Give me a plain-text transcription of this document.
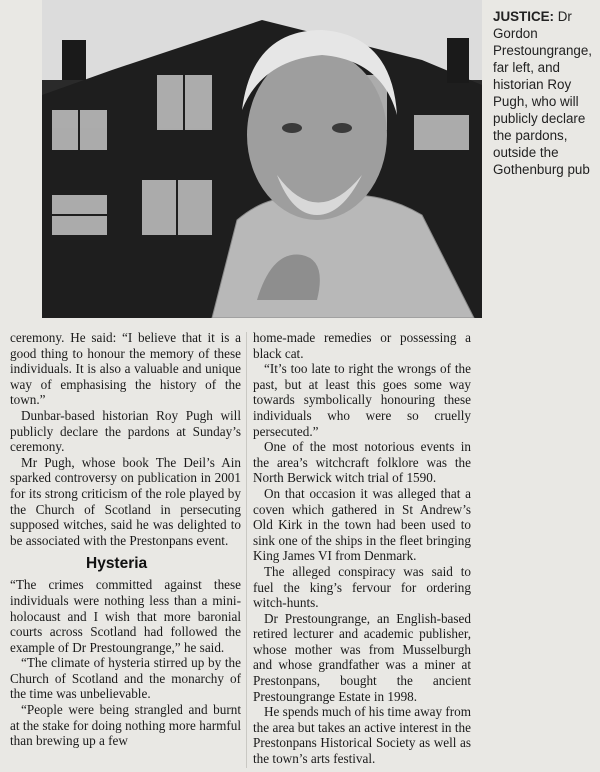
JUSTICE: Dr Gordon Prestoungrange, far left, and historian Roy Pugh, who will publicly declare the pardons, outside the Gothenburg pub

ceremony. He said: “I believe that it is a good thing to honour the memory of these individuals. It is also a valuable and unique way of emphasising the history of the town.”

Dunbar-based historian Roy Pugh will publicly declare the pardons at Sunday’s ceremony.

Mr Pugh, whose book The Deil’s Ain sparked controversy on publication in 2001 for its strong criticism of the role played by the Church of Scotland in persecuting supposed witches, said he was delighted to be associated with the Prestonpans event.

Hysteria

“The crimes committed against these individuals were nothing less than a mini-holocaust and I wish that more baronial courts across Scotland had followed the example of Dr Prestoungrange,” he said.

“The climate of hysteria stirred up by the Church of Scotland and the monarchy of the time was unbelievable.

“People were being strangled and burnt at the stake for doing nothing more harmful than brewing up a few

home-made remedies or possessing a black cat.

“It’s too late to right the wrongs of the past, but at least this goes some way towards symbolically honouring these individuals who were so cruelly persecuted.”

One of the most notorious events in the area’s witchcraft folklore was the North Berwick witch trial of 1590.

On that occasion it was alleged that a coven which gathered in St Andrew’s Old Kirk in the town had been used to sink one of the ships in the fleet bringing King James VI from Denmark.

The alleged conspiracy was said to fuel the king’s fervour for ordering witch-hunts.

Dr Prestoungrange, an English-based retired lecturer and academic publisher, whose mother was from Musselburgh and whose grandfather was a miner at Prestonpans, bought the ancient Prestoungrange Estate in 1998.

He spends much of his time away from the area but takes an active interest in the Prestonpans Historical Society as well as the town’s arts festival.
